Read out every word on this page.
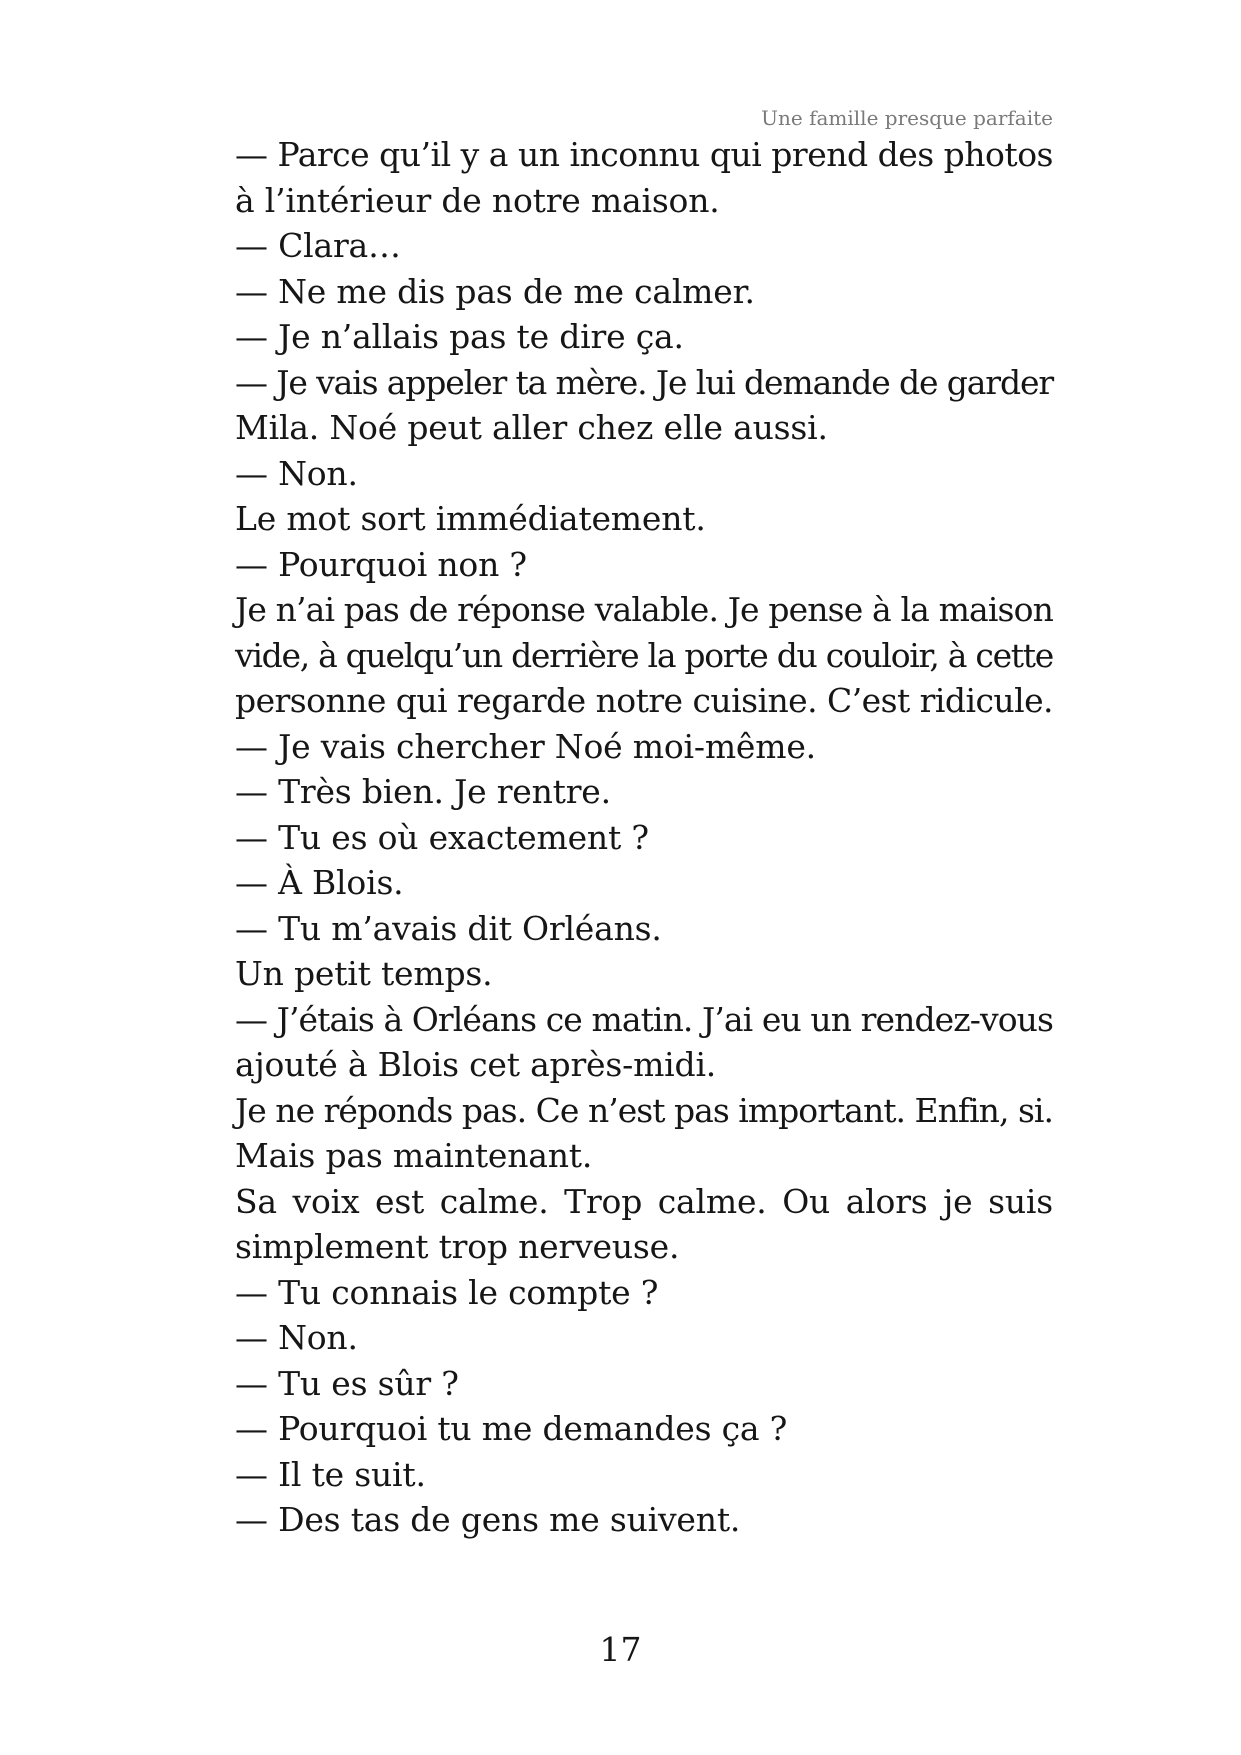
Une famille presque parfaite
— Parce qu’il y a un inconnu qui prend des photos
à l’intérieur de notre maison.
— Clara…
— Ne me dis pas de me calmer.
— Je n’allais pas te dire ça.
— Je vais appeler ta mère. Je lui demande de garder
Mila. Noé peut aller chez elle aussi.
— Non.
Le mot sort immédiatement.
— Pourquoi non ?
Je n’ai pas de réponse valable. Je pense à la maison
vide, à quelqu’un derrière la porte du couloir, à cette
personne qui regarde notre cuisine. C’est ridicule.
— Je vais chercher Noé moi-même.
— Très bien. Je rentre.
— Tu es où exactement ?
— À Blois.
— Tu m’avais dit Orléans.
Un petit temps.
— J’étais à Orléans ce matin. J’ai eu un rendez-vous
ajouté à Blois cet après-midi.
Je ne réponds pas. Ce n’est pas important. Enfin, si.
Mais pas maintenant.
Sa voix est calme. Trop calme. Ou alors je suis
simplement trop nerveuse.
— Tu connais le compte ?
— Non.
— Tu es sûr ?
— Pourquoi tu me demandes ça ?
— Il te suit.
— Des tas de gens me suivent.
17
